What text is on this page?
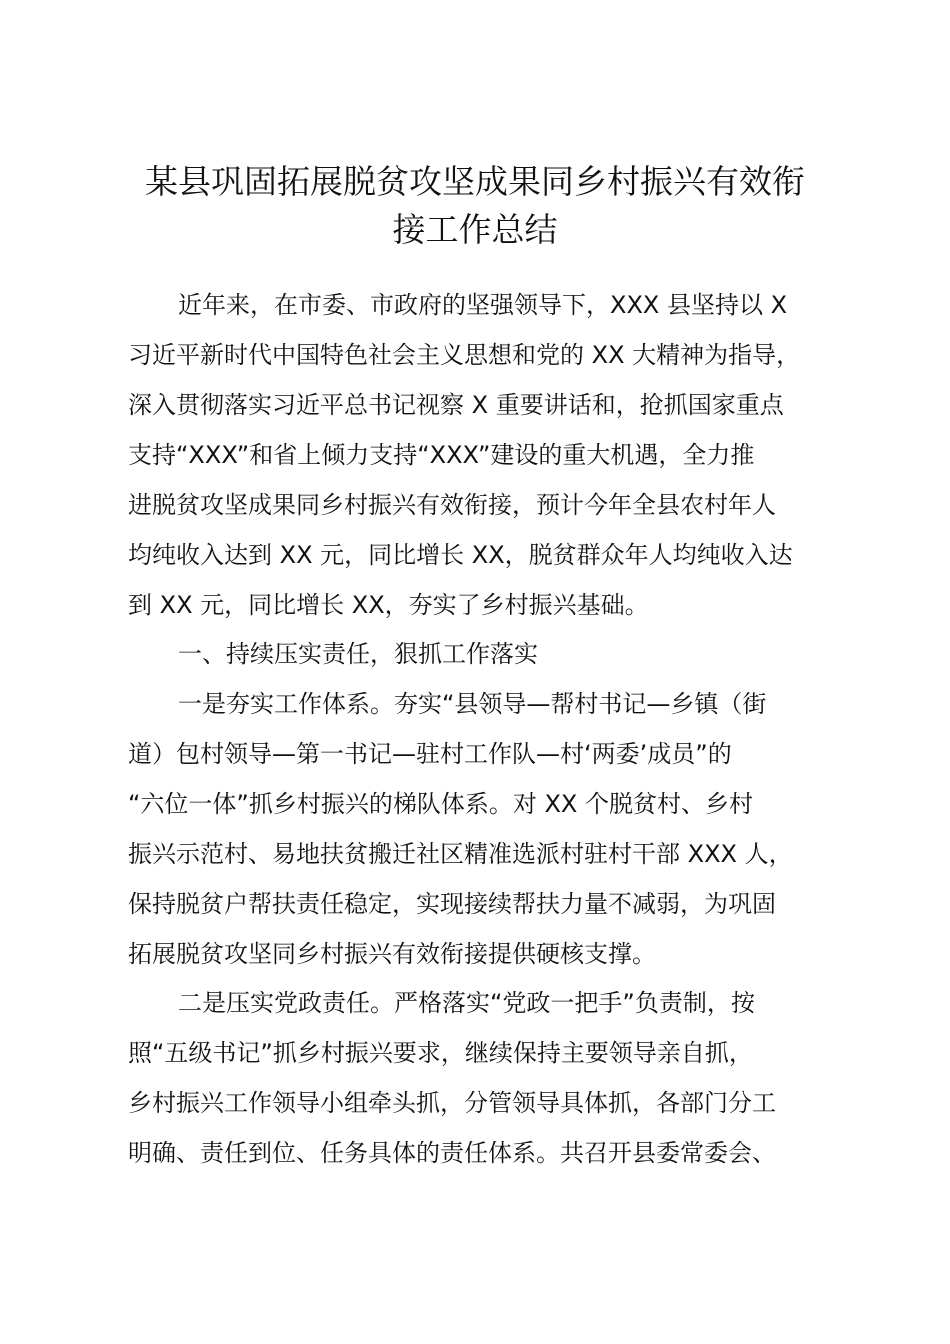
某县巩固拓展脱贫攻坚成果同乡村振兴有效衔
接工作总结
近年来，在市委、市政府的坚强领导下，XXX 县坚持以 X
习近平新时代中国特色社会主义思想和党的 XX 大精神为指导，
深入贯彻落实习近平总书记视察 X 重要讲话和，抢抓国家重点
支持“XXX”和省上倾力支持“XXX”建设的重大机遇，全力推
进脱贫攻坚成果同乡村振兴有效衔接，预计今年全县农村年人
均纯收入达到 XX 元，同比增长 XX，脱贫群众年人均纯收入达
到 XX 元，同比增长 XX，夯实了乡村振兴基础。
一、持续压实责任，狠抓工作落实
一是夯实工作体系。夯实“县领导—帮村书记—乡镇（街
道）包村领导—第一书记—驻村工作队—村‘两委’成员”的
“六位一体”抓乡村振兴的梯队体系。对 XX 个脱贫村、乡村
振兴示范村、易地扶贫搬迁社区精准选派村驻村干部 XXX 人，
保持脱贫户帮扶责任稳定，实现接续帮扶力量不减弱，为巩固
拓展脱贫攻坚同乡村振兴有效衔接提供硬核支撑。
二是压实党政责任。严格落实“党政一把手”负责制，按
照“五级书记”抓乡村振兴要求，继续保持主要领导亲自抓，
乡村振兴工作领导小组牵头抓，分管领导具体抓，各部门分工
明确、责任到位、任务具体的责任体系。共召开县委常委会、
